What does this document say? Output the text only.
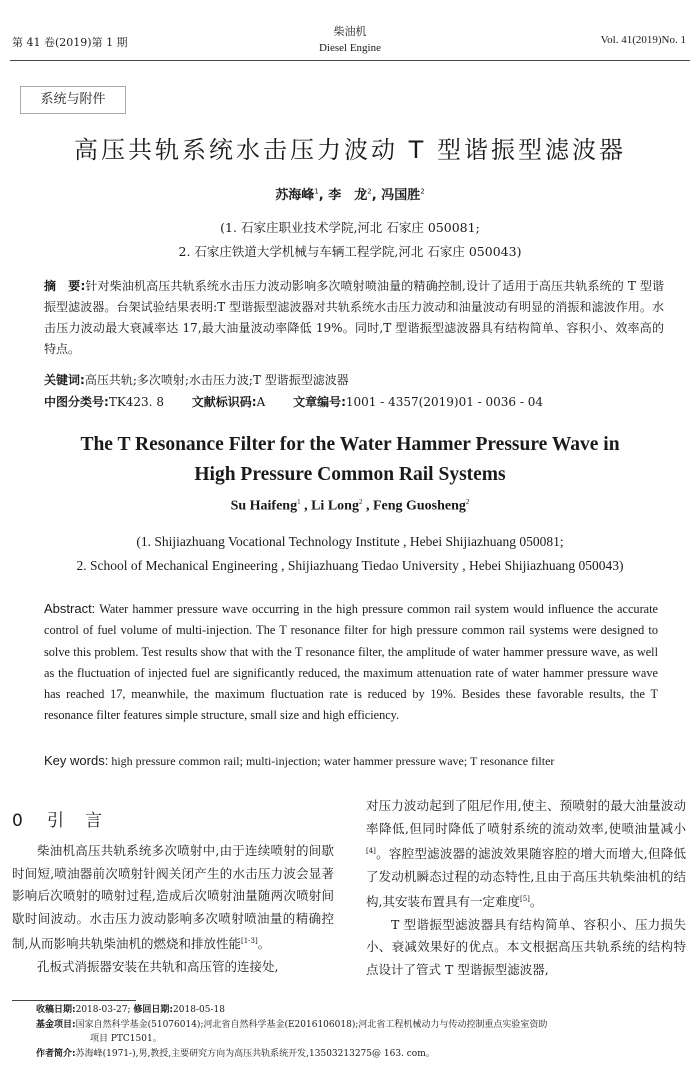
第 41 卷(2019)第 1 期
柴油机
Diesel Engine
Vol. 41(2019)No. 1
系统与附件
高压共轨系统水击压力波动 T 型谐振型滤波器
苏海峰$^1$, 李　龙$^2$, 冯国胜$^2$
(1. 石家庄职业技术学院,河北 石家庄 050081;
2. 石家庄铁道大学机械与车辆工程学院,河北 石家庄 050043)
摘　要:针对柴油机高压共轨系统水击压力波动影响多次喷射喷油量的精确控制,设计了适用于高压共轨系统的 T 型谐振型滤波器。台架试验结果表明:T 型谐振型滤波器对共轨系统水击压力波动和油量波动有明显的消振和滤波作用。水击压力波动最大衰减率达 17,最大油量波动率降低 19%。同时,T 型谐振型滤波器具有结构简单、容积小、效率高的特点。
关键词:高压共轨;多次喷射;水击压力波;T 型谐振型滤波器
中图分类号:TK423. 8 文献标识码:A 文章编号:1001 - 4357(2019)01 - 0036 - 04
The T Resonance Filter for the Water Hammer Pressure Wave in
High Pressure Common Rail Systems
Su Haifeng$^1$ , Li Long$^2$ , Feng Guosheng$^2$
(1. Shijiazhuang Vocational Technology Institute , Hebei Shijiazhuang 050081;
2. School of Mechanical Engineering , Shijiazhuang Tiedao University , Hebei Shijiazhuang 050043)
Abstract: Water hammer pressure wave occurring in the high pressure common rail system would influence the accurate control of fuel volume of multi-injection. The T resonance filter for high pressure common rail systems were designed to solve this problem. Test results show that with the T resonance filter, the amplitude of water hammer pressure wave, as well as the fluctuation of injected fuel are significantly reduced, the maximum attenuation rate of water hammer pressure wave has reached 17, meanwhile, the maximum fluctuation rate is reduced by 19%. Besides these favorable results, the T resonance filter features simple structure, small size and high efficiency.
Key words: high pressure common rail; multi-injection; water hammer pressure wave; T resonance filter
0 引　言
柴油机高压共轨系统多次喷射中,由于连续喷射的间歇时间短,喷油器前次喷射针阀关闭产生的水击压力波会显著影响后次喷射的喷射过程,造成后次喷射油量随两次喷射间歇时间波动。水击压力波动影响多次喷射喷油量的精确控制,从而影响共轨柴油机的燃烧和排放性能[1-3]。
孔板式消振器安装在共轨和高压管的连接处,
对压力波动起到了阻尼作用,使主、预喷射的最大油量波动率降低,但同时降低了喷射系统的流动效率,使喷油量减小[4]。容腔型滤波器的滤波效果随容腔的增大而增大,但降低了发动机瞬态过程的动态特性,且由于高压共轨柴油机的结构,其安装布置具有一定难度[5]。
T 型谐振型滤波器具有结构简单、容积小、压力损失小、衰减效果好的优点。本文根据高压共轨系统的结构特点设计了管式 T 型谐振型滤波器,
收稿日期:2018-03-27; 修回日期:2018-05-18
基金项目:国家自然科学基金(51076014);河北省自然科学基金(E2016106018);河北省工程机械动力与传动控制重点实验室资助
项目 PTC1501。
作者简介:苏海峰(1971-),男,教授,主要研究方向为高压共轨系统开发,13503213275@ 163. com。
